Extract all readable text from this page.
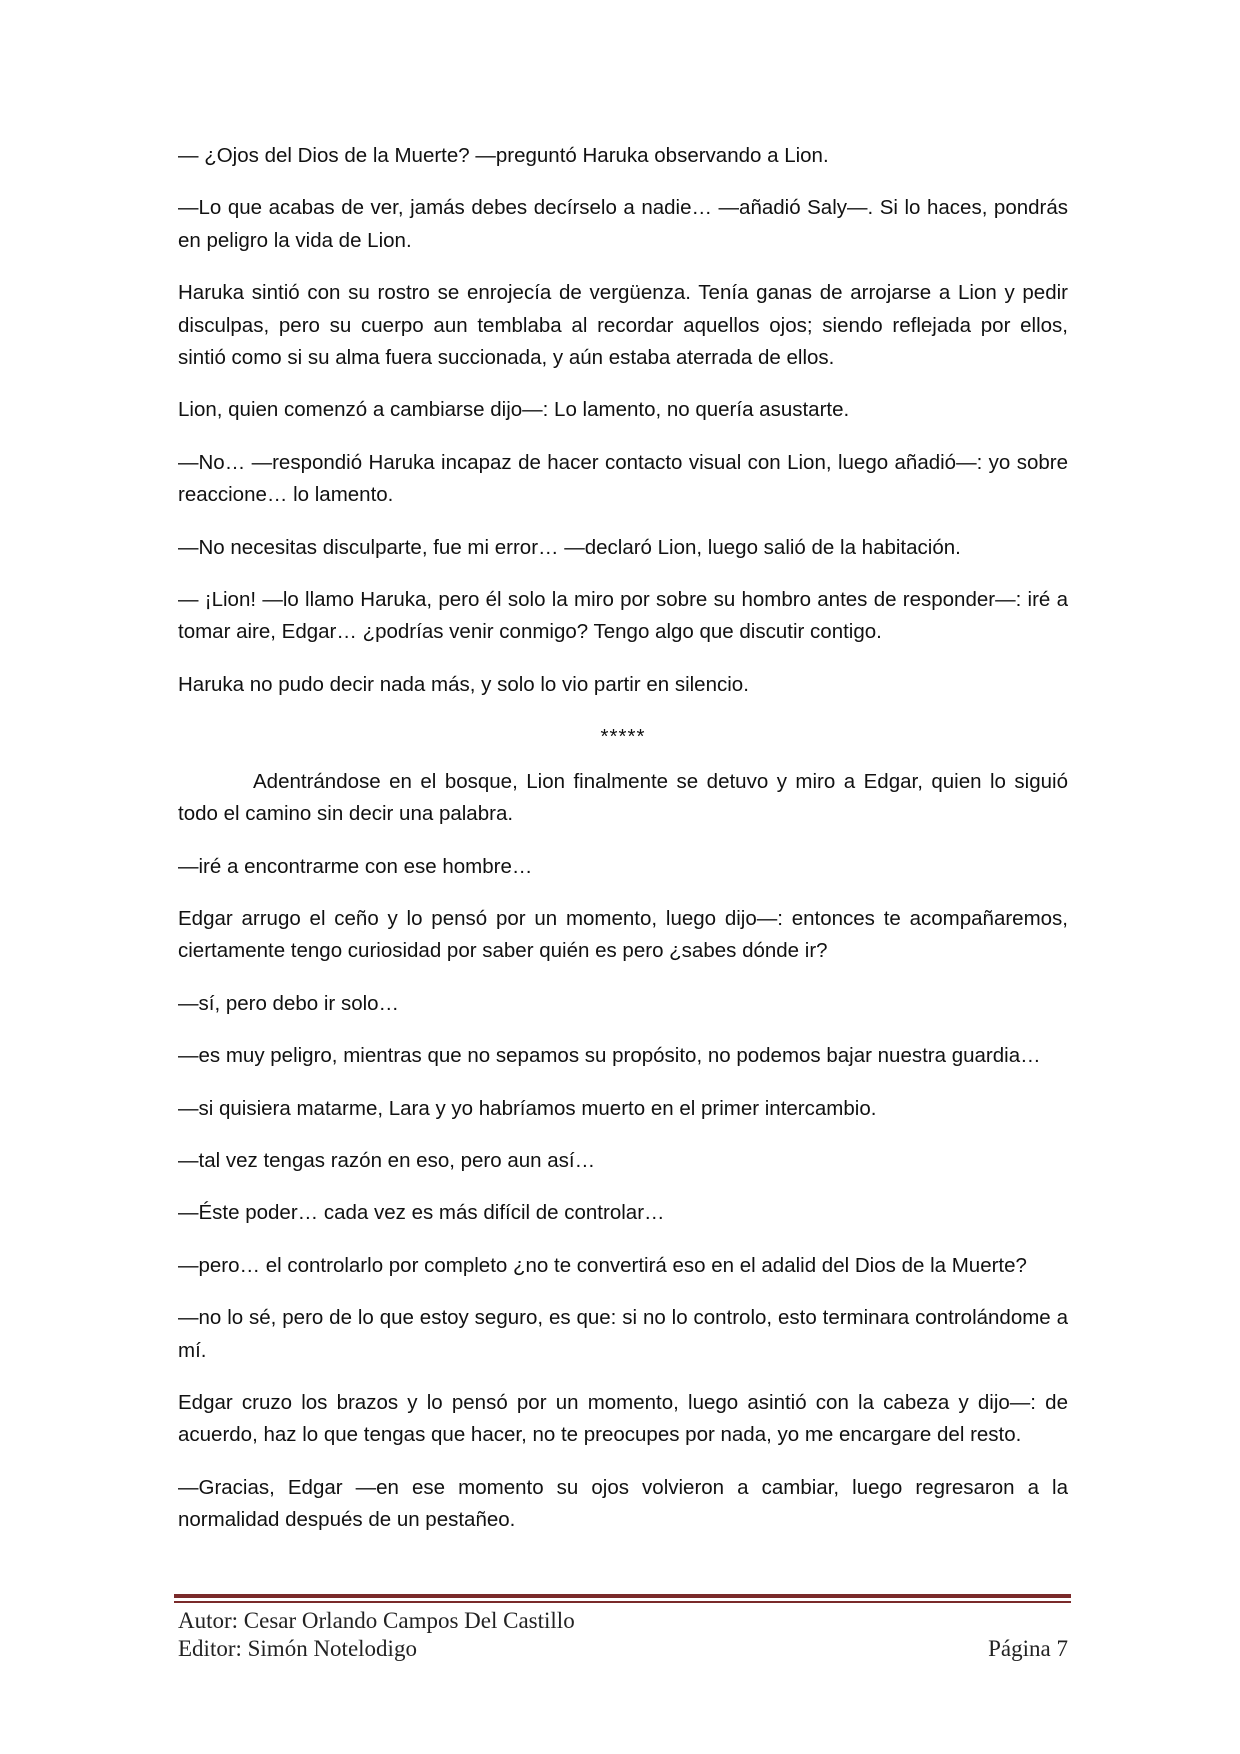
— ¿Ojos del Dios de la Muerte? —preguntó Haruka observando a Lion.

—Lo que acabas de ver, jamás debes decírselo a nadie… —añadió Saly—. Si lo haces, pondrás en peligro la vida de Lion.

Haruka sintió con su rostro se enrojecía de vergüenza. Tenía ganas de arrojarse a Lion y pedir disculpas, pero su cuerpo aun temblaba al recordar aquellos ojos; siendo reflejada por ellos, sintió como si su alma fuera succionada, y aún estaba aterrada de ellos.

Lion, quien comenzó a cambiarse dijo—: Lo lamento, no quería asustarte.

—No… —respondió Haruka incapaz de hacer contacto visual con Lion, luego añadió—: yo sobre reaccione… lo lamento.

—No necesitas disculparte, fue mi error… —declaró Lion, luego salió de la habitación.

— ¡Lion! —lo llamo Haruka, pero él solo la miro por sobre su hombro antes de responder—: iré a tomar aire, Edgar… ¿podrías venir conmigo? Tengo algo que discutir contigo.

Haruka no pudo decir nada más, y solo lo vio partir en silencio.

*****

Adentrándose en el bosque, Lion finalmente se detuvo y miro a Edgar, quien lo siguió todo el camino sin decir una palabra.

—iré a encontrarme con ese hombre…

Edgar arrugo el ceño y lo pensó por un momento, luego dijo—: entonces te acompañaremos, ciertamente tengo curiosidad por saber quién es pero ¿sabes dónde ir?

—sí, pero debo ir solo…

—es muy peligro, mientras que no sepamos su propósito, no podemos bajar nuestra guardia…

—si quisiera matarme, Lara y yo habríamos muerto en el primer intercambio.

—tal vez tengas razón en eso, pero aun así…

—Éste poder… cada vez es más difícil de controlar…

—pero… el controlarlo por completo ¿no te convertirá eso en el adalid del Dios de la Muerte?

—no lo sé, pero de lo que estoy seguro, es que: si no lo controlo, esto terminara controlándome a mí.

Edgar cruzo los brazos y lo pensó por un momento, luego asintió con la cabeza y dijo—: de acuerdo, haz lo que tengas que hacer, no te preocupes por nada, yo me encargare del resto.

—Gracias, Edgar —en ese momento su ojos volvieron a cambiar, luego regresaron a la normalidad después de un pestañeo.

Autor: Cesar Orlando Campos Del Castillo
Editor: Simón Notelodigo	Página 7
